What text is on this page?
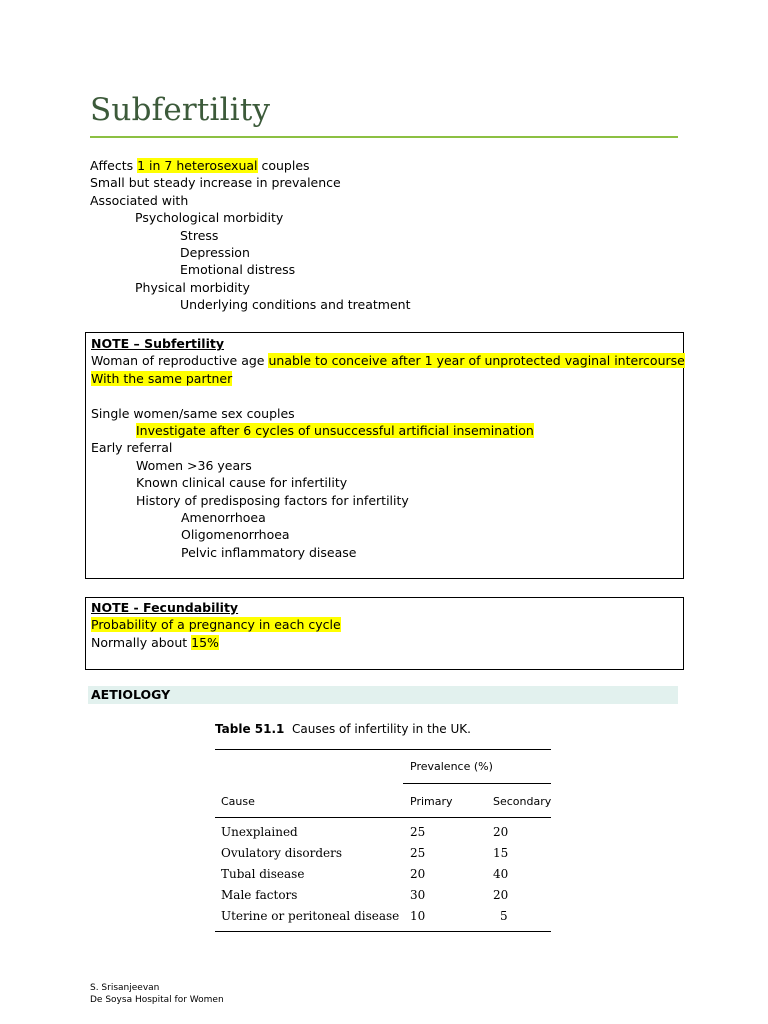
Subfertility
Affects 1 in 7 heterosexual couples
Small but steady increase in prevalence
Associated with
Psychological morbidity
Stress
Depression
Emotional distress
Physical morbidity
Underlying conditions and treatment
NOTE – Subfertility
Woman of reproductive age unable to conceive after 1 year of unprotected vaginal intercourse
With the same partner

Single women/same sex couples
Investigate after 6 cycles of unsuccessful artificial insemination
Early referral
Women >36 years
Known clinical cause for infertility
History of predisposing factors for infertility
Amenorrhoea
Oligomenorrhoea
Pelvic inflammatory disease
NOTE - Fecundability
Probability of a pregnancy in each cycle
Normally about 15%
AETIOLOGY
Table 51.1 Causes of infertility in the UK.
Prevalence (%)
Cause	Primary	Secondary
Unexplained	25	20
Ovulatory disorders	25	15
Tubal disease	20	40
Male factors	30	20
Uterine or peritoneal disease 10	5
S. Srisanjeevan
De Soysa Hospital for Women
